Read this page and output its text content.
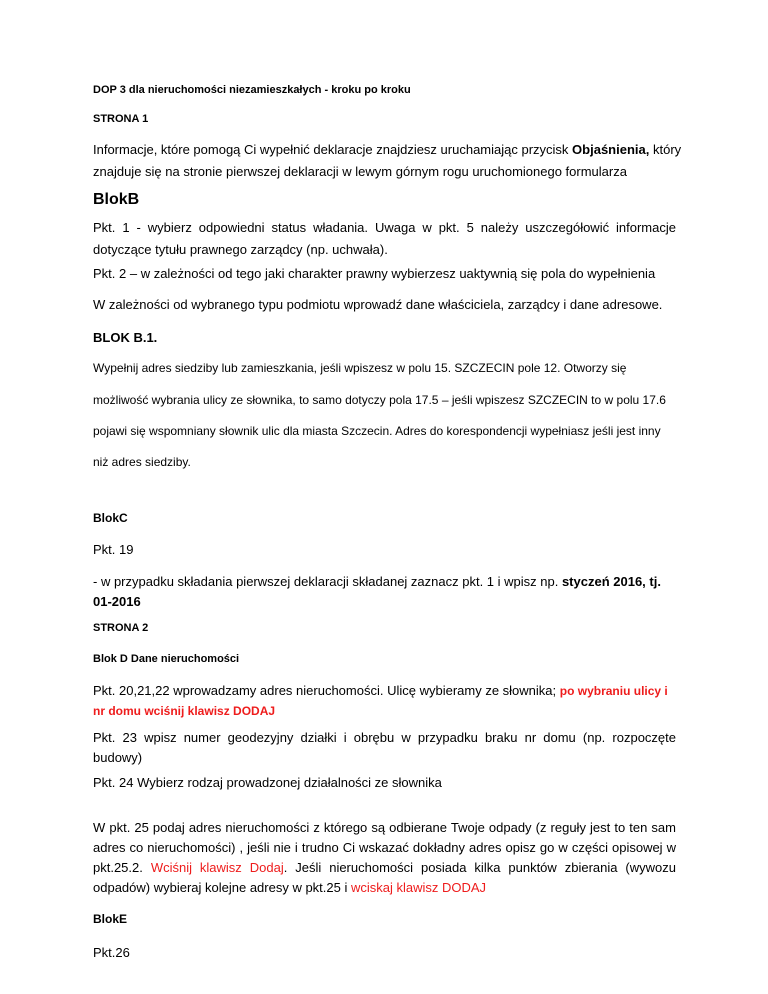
DOP 3 dla nieruchomości niezamieszkałych - kroku po kroku

STRONA 1

Informacje, które pomogą Ci wypełnić deklaracje znajdziesz uruchamiając przycisk Objaśnienia, który znajduje się na stronie pierwszej deklaracji w lewym górnym rogu uruchomionego formularza

BlokB

Pkt. 1 - wybierz odpowiedni status władania. Uwaga w pkt. 5 należy uszczegółowić informacje dotyczące tytułu prawnego zarządcy (np. uchwała).

Pkt. 2 – w zależności od tego jaki charakter prawny wybierzesz uaktywnią się pola do wypełnienia

W zależności od wybranego typu podmiotu wprowadź dane właściciela, zarządcy i dane adresowe.

BLOK B.1.

Wypełnij adres siedziby lub zamieszkania, jeśli wpiszesz w polu 15. SZCZECIN pole 12. Otworzy się

możliwość wybrania ulicy ze słownika, to samo dotyczy pola 17.5 – jeśli wpiszesz SZCZECIN to w polu 17.6

pojawi się wspomniany słownik ulic dla miasta Szczecin. Adres do korespondencji wypełniasz jeśli jest inny

niż adres siedziby.

BlokC

Pkt. 19

- w przypadku składania pierwszej deklaracji składanej zaznacz pkt. 1 i wpisz np. styczeń 2016, tj. 01-2016

STRONA 2

Blok D Dane nieruchomości

Pkt. 20,21,22 wprowadzamy adres nieruchomości. Ulicę wybieramy ze słownika; po wybraniu ulicy i nr domu wciśnij klawisz DODAJ

Pkt. 23 wpisz numer geodezyjny działki i obrębu w przypadku braku nr domu (np. rozpoczęte budowy)

Pkt. 24 Wybierz rodzaj prowadzonej działalności ze słownika

W pkt. 25 podaj adres nieruchomości z którego są odbierane Twoje odpady (z reguły jest to ten sam adres co nieruchomości) , jeśli nie i trudno Ci wskazać dokładny adres opisz go w części opisowej w pkt.25.2. Wciśnij klawisz Dodaj. Jeśli nieruchomości posiada kilka punktów zbierania (wywozu odpadów) wybieraj kolejne adresy w pkt.25 i wciskaj klawisz DODAJ

BlokE

Pkt.26
